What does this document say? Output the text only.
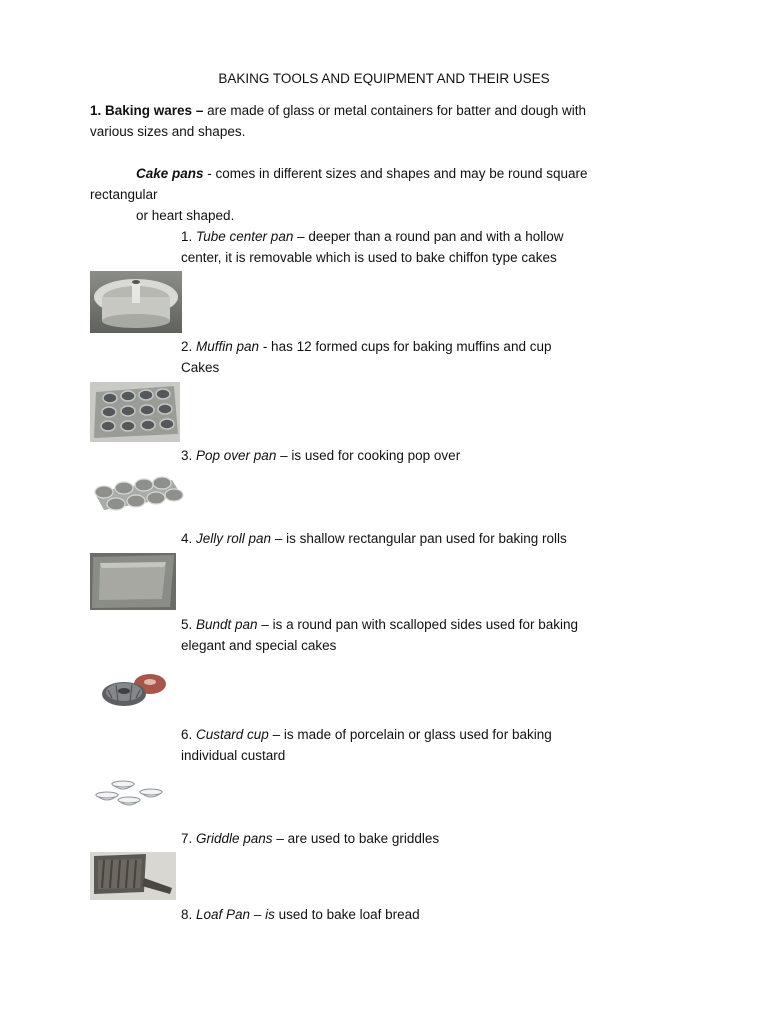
BAKING TOOLS AND EQUIPMENT AND THEIR USES
1. Baking wares – are made of glass or metal containers for batter and dough with
various sizes and shapes.
Cake pans - comes in different sizes and shapes and may be round square
rectangular
or heart shaped.
1. Tube center pan – deeper than a round pan and with a hollow
center, it is removable which is used to bake chiffon type cakes
2. Muffin pan - has 12 formed cups for baking muffins and cup
Cakes
3. Pop over pan – is used for cooking pop over
4. Jelly roll pan – is shallow rectangular pan used for baking rolls
5. Bundt pan – is a round pan with scalloped sides used for baking
elegant and special cakes
6. Custard cup – is made of porcelain or glass used for baking
individual custard
7. Griddle pans – are used to bake griddles
8. Loaf Pan – is used to bake loaf bread
